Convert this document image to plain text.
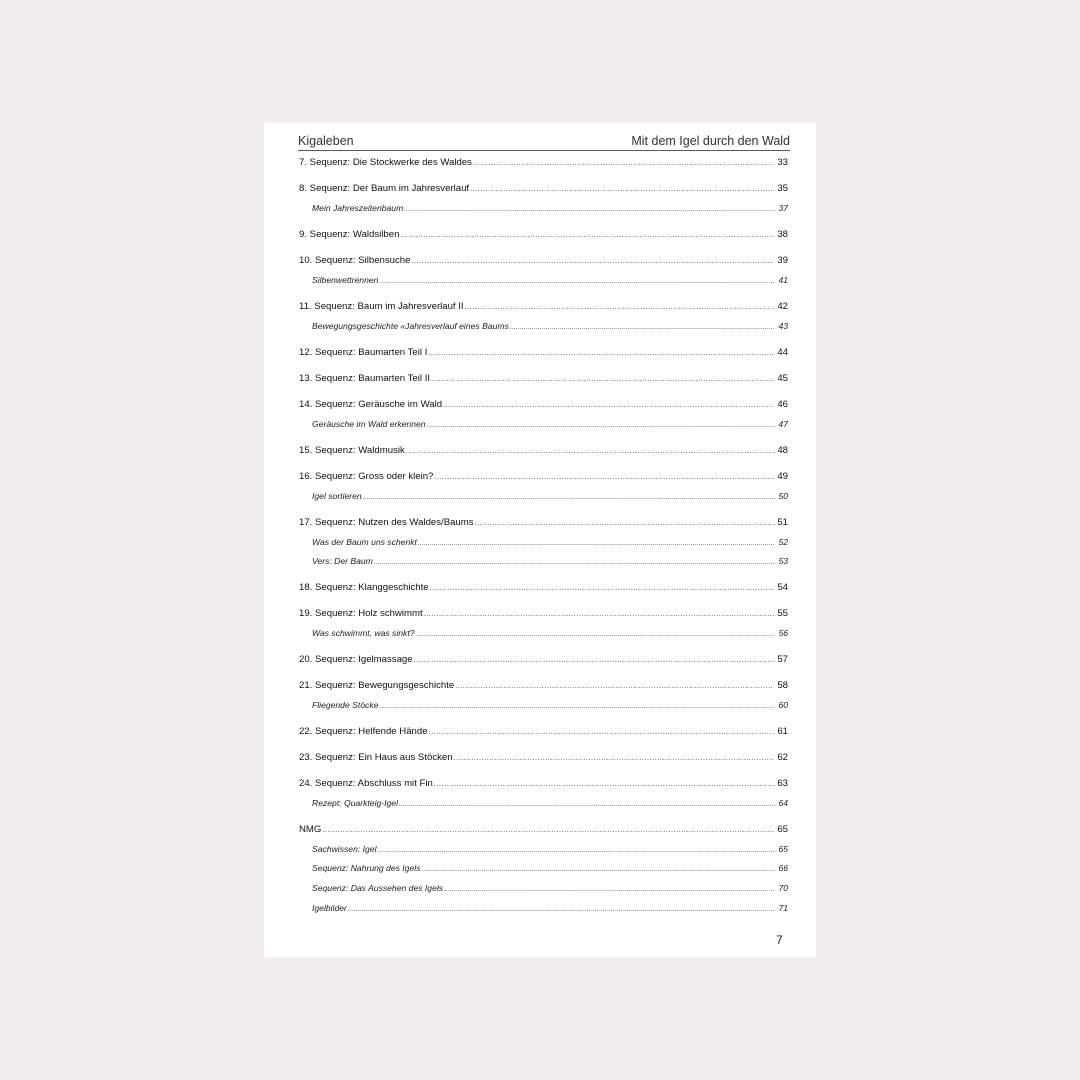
Kigaleben	Mit dem Igel durch den Wald
7. Sequenz: Die Stockwerke des Waldes .....	33
8. Sequenz: Der Baum im Jahresverlauf .....	35
Mein Jahreszeitenbaum .....	37
9. Sequenz: Waldsilben .....	38
10. Sequenz: Silbensuche .....	39
Silbenwettrennen .....	41
11. Sequenz: Baum im Jahresverlauf II .....	42
Bewegungsgeschichte «Jahresverlauf eines Baums .....	43
12. Sequenz: Baumarten Teil I .....	44
13. Sequenz: Baumarten Teil II .....	45
14. Sequenz: Geräusche im Wald .....	46
Geräusche im Wald erkennen .....	47
15. Sequenz: Waldmusik .....	48
16. Sequenz: Gross oder klein? .....	49
Igel sortieren .....	50
17. Sequenz: Nutzen des Waldes/Baums .....	51
Was der Baum uns schenkt .....	52
Vers: Der Baum .....	53
18. Sequenz: Klanggeschichte .....	54
19. Sequenz: Holz schwimmt .....	55
Was schwimmt, was sinkt? .....	56
20. Sequenz: Igelmassage .....	57
21. Sequenz: Bewegungsgeschichte .....	58
Fliegende Stöcke .....	60
22. Sequenz: Helfende Hände .....	61
23. Sequenz: Ein Haus aus Stöcken .....	62
24. Sequenz: Abschluss mit Fin .....	63
Rezept: Quarkteig-Igel .....	64
NMG .....	65
Sachwissen: Igel .....	65
Sequenz: Nahrung des Igels .....	66
Sequenz: Das Aussehen des Igels .....	70
Igelbilder .....	71
7
